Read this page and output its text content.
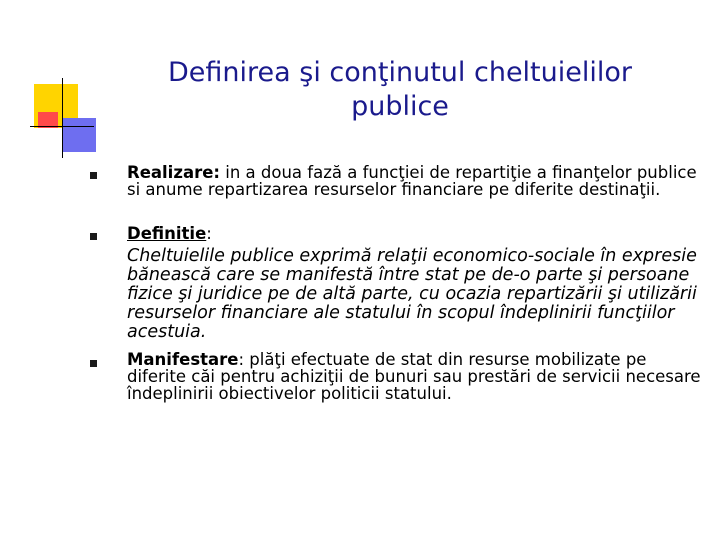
Definirea şi conţinutul cheltuielilor
publice
Realizare: in a doua fază a funcţiei de repartiţie a finanţelor publice si anume repartizarea resurselor financiare pe diferite destinaţii.
Definitie:
Cheltuielile publice exprimă relaţii economico-sociale în expresie bănească care se manifestă între stat pe de-o parte şi persoane fizice şi juridice pe de altă parte, cu ocazia repartizării şi utilizării resurselor financiare ale statului în scopul îndeplinirii funcţiilor acestuia.
Manifestare: plăţi efectuate de stat din resurse mobilizate pe diferite căi pentru achiziţii de bunuri sau prestări de servicii necesare îndeplinirii obiectivelor politicii statului.
